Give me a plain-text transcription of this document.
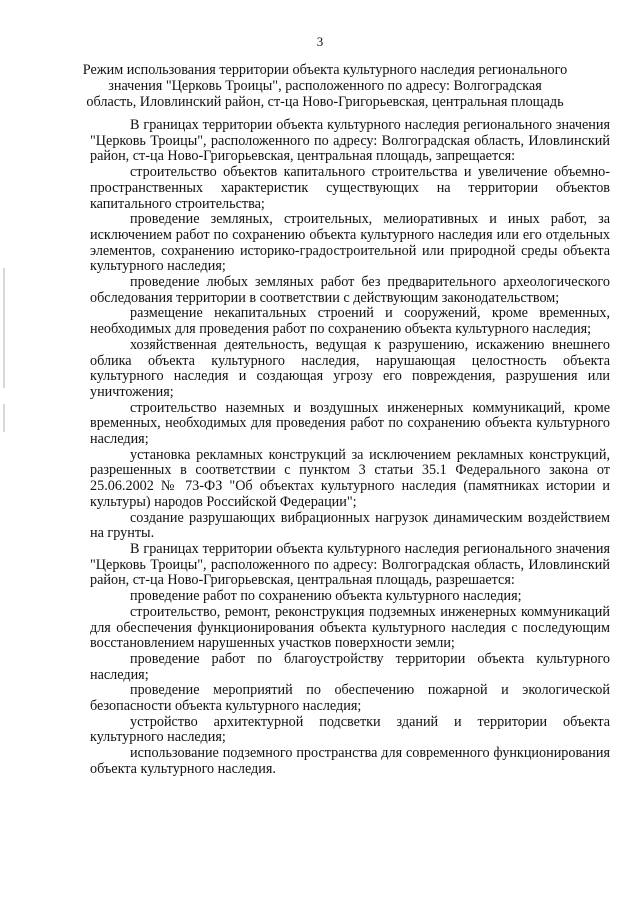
3
Режим использования территории объекта культурного наследия регионального
значения "Церковь Троицы", расположенного по адресу: Волгоградская
область, Иловлинский район, ст-ца Ново-Григорьевская, центральная площадь

В границах территории объекта культурного наследия регионального значения "Церковь Троицы", расположенного по адресу: Волгоградская область, Иловлинский район, ст-ца Ново-Григорьевская, центральная площадь, запрещается:

строительство объектов капитального строительства и увеличение объемно-пространственных характеристик существующих на территории объектов капитального строительства;

проведение земляных, строительных, мелиоративных и иных работ, за исключением работ по сохранению объекта культурного наследия или его отдельных элементов, сохранению историко-градостроительной или природной среды объекта культурного наследия;

проведение любых земляных работ без предварительного археологического обследования территории в соответствии с действующим законодательством;

размещение некапитальных строений и сооружений, кроме временных, необходимых для проведения работ по сохранению объекта культурного наследия;

хозяйственная деятельность, ведущая к разрушению, искажению внешнего облика объекта культурного наследия, нарушающая целостность объекта культурного наследия и создающая угрозу его повреждения, разрушения или уничтожения;

строительство наземных и воздушных инженерных коммуникаций, кроме временных, необходимых для проведения работ по сохранению объекта культурного наследия;

установка рекламных конструкций за исключением рекламных конструкций, разрешенных в соответствии с пунктом 3 статьи 35.1 Федерального закона от 25.06.2002 № 73-ФЗ "Об объектах культурного наследия (памятниках истории и культуры) народов Российской Федерации";

создание разрушающих вибрационных нагрузок динамическим воздействием на грунты.

В границах территории объекта культурного наследия регионального значения "Церковь Троицы", расположенного по адресу: Волгоградская область, Иловлинский район, ст-ца Ново-Григорьевская, центральная площадь, разрешается:

проведение работ по сохранению объекта культурного наследия;

строительство, ремонт, реконструкция подземных инженерных коммуникаций для обеспечения функционирования объекта культурного наследия с последующим восстановлением нарушенных участков поверхности земли;

проведение работ по благоустройству территории объекта культурного наследия;

проведение мероприятий по обеспечению пожарной и экологической безопасности объекта культурного наследия;

устройство архитектурной подсветки зданий и территории объекта культурного наследия;

использование подземного пространства для современного функционирования объекта культурного наследия.
